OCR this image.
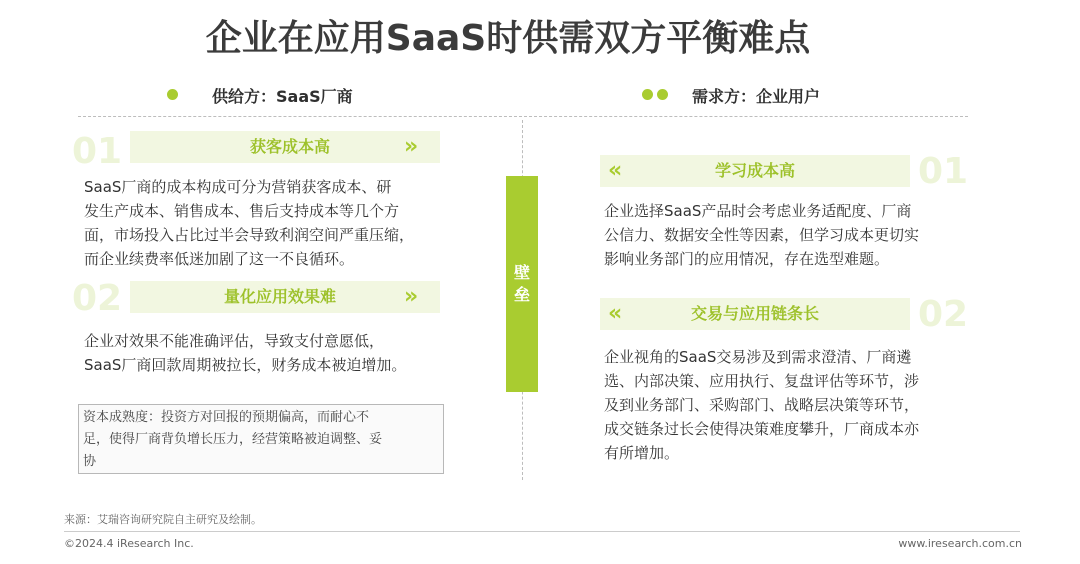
企业在应用SaaS时供需双方平衡难点
供给方：SaaS厂商	需求方：企业用户
01	获客成本高	»
SaaS厂商的成本构成可分为营销获客成本、研
发生产成本、销售成本、售后支持成本等几个方
面，市场投入占比过半会导致利润空间严重压缩，
而企业续费率低迷加剧了这一不良循环。
02	量化应用效果难	»
企业对效果不能准确评估，导致支付意愿低，
SaaS厂商回款周期被拉长，财务成本被迫增加。
资本成熟度：投资方对回报的预期偏高，而耐心不
足，使得厂商背负增长压力，经营策略被迫调整、妥
协
壁
垒
«	学习成本高	01
企业选择SaaS产品时会考虑业务适配度、厂商
公信力、数据安全性等因素，但学习成本更切实
影响业务部门的应用情况，存在选型难题。
«	交易与应用链条长	02
企业视角的SaaS交易涉及到需求澄清、厂商遴
选、内部决策、应用执行、复盘评估等环节，涉
及到业务部门、采购部门、战略层决策等环节，
成交链条过长会使得决策难度攀升，厂商成本亦
有所增加。
来源：艾瑞咨询研究院自主研究及绘制。
©2024.4 iResearch Inc.	www.iresearch.com.cn
